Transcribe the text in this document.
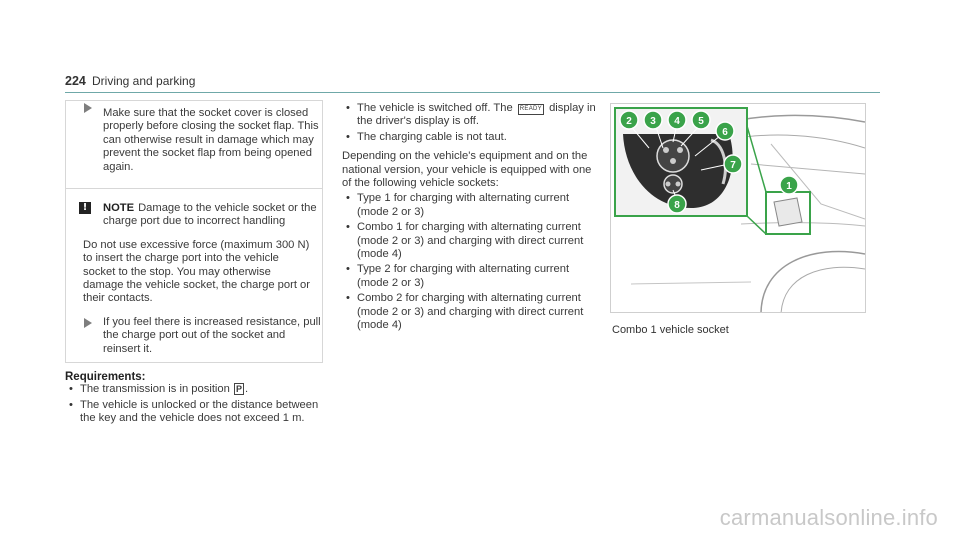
224 Driving and parking
Make sure that the socket cover is closed properly before closing the socket flap. This can otherwise result in damage which may prevent the socket flap from being opened again.
!	NOTE Damage to the vehicle socket or the charge port due to incorrect handling
Do not use excessive force (maximum 300 N) to insert the charge port into the vehicle socket to the stop. You may otherwise damage the vehicle socket, the charge port or their contacts.
If you feel there is increased resistance, pull the charge port out of the socket and reinsert it.
Requirements:
• The transmission is in position P .
• The vehicle is unlocked or the distance between the key and the vehicle does not exceed 1 m.
• The vehicle is switched off. The READY display in the driver's display is off.
• The charging cable is not taut.

Depending on the vehicle's equipment and on the national version, your vehicle is equipped with one of the following vehicle sockets:

• Type 1 for charging with alternating current (mode 2 or 3)
• Combo 1 for charging with alternating current (mode 2 or 3) and charging with direct current (mode 4)
• Type 2 for charging with alternating current (mode 2 or 3)
• Combo 2 for charging with alternating current (mode 2 or 3) and charging with direct current (mode 4)
2 3 4 5
6
7
8
1
Combo 1 vehicle socket
carmanualsonline.info
